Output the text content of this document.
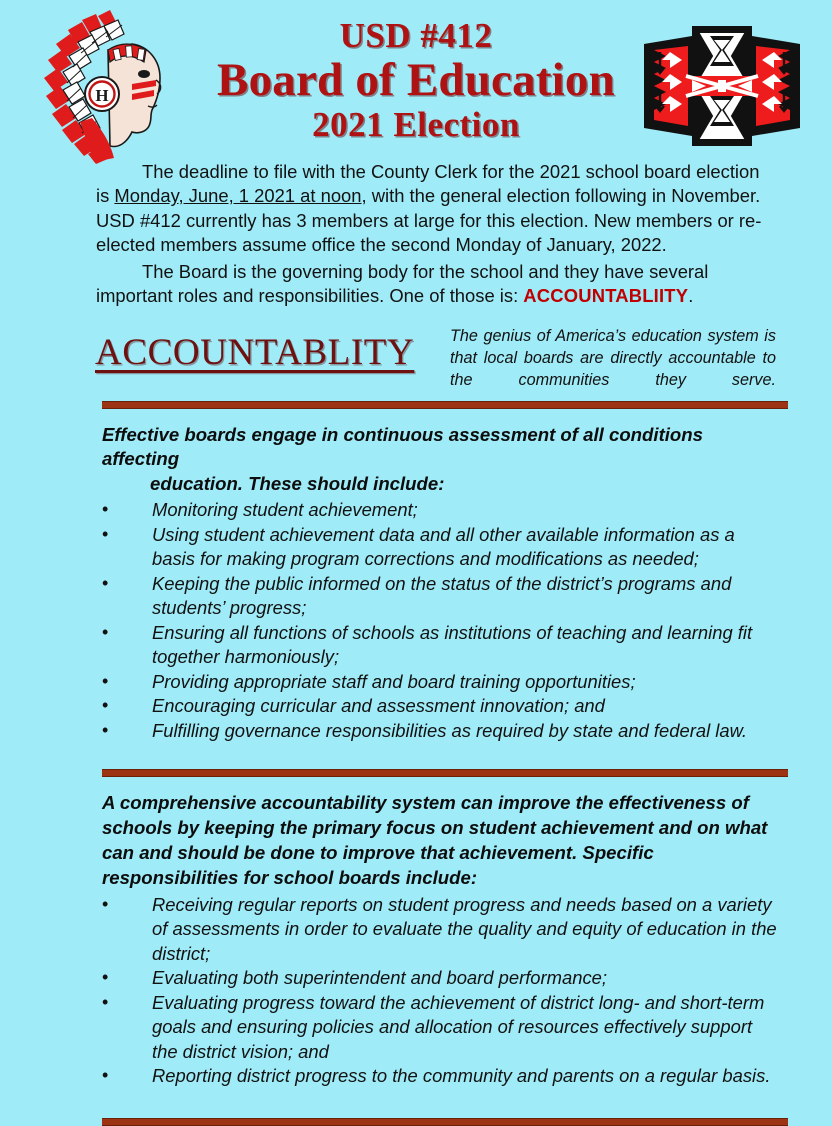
H
USD #412
Board of Education
2021 Election

The deadline to file with the County Clerk for the 2021 school board election is Monday, June, 1 2021 at noon, with the general election following in November. USD #412 currently has 3 members at large for this election. New members or re-elected members assume office the second Monday of January, 2022.

The Board is the governing body for the school and they have several important roles and responsibilities. One of those is: ACCOUNTABLIITY.

ACCOUNTABLITY The genius of America’s education system is that local boards are directly accountable to the communities they serve.
Effective boards engage in continuous assessment of all conditions affecting
education. These should include:
• Monitoring student achievement;
• Using student achievement data and all other available information as a basis for making program corrections and modifications as needed;
• Keeping the public informed on the status of the district’s programs and students’ progress;
• Ensuring all functions of schools as institutions of teaching and learning fit together harmoniously;
• Providing appropriate staff and board training opportunities;
• Encouraging curricular and assessment innovation; and
• Fulfilling governance responsibilities as required by state and federal law.
A comprehensive accountability system can improve the effectiveness of schools by keeping the primary focus on student achievement and on what can and should be done to improve that achievement. Specific responsibilities for school boards include:
• Receiving regular reports on student progress and needs based on a variety of assessments in order to evaluate the quality and equity of education in the district;
• Evaluating both superintendent and board performance;
• Evaluating progress toward the achievement of district long- and short-term goals and ensuring policies and allocation of resources effectively support the district vision; and
• Reporting district progress to the community and parents on a regular basis.
